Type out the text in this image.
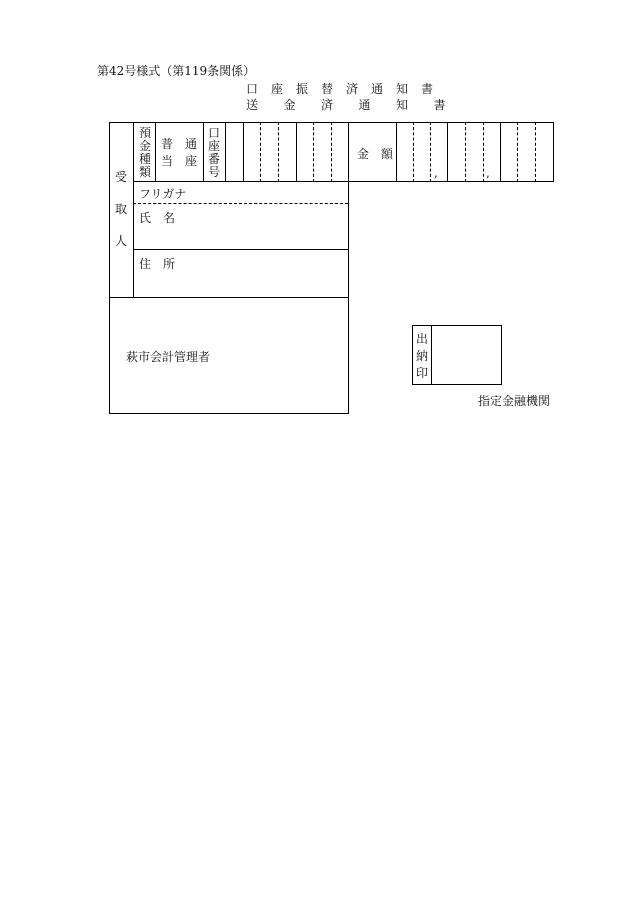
第42号様式（第119条関係）
口　座　振　替　済　通　知　書
送　　金　　済　　通　　知　　書
受
取
人
預
金
種
類
普　通
当　座
口
座
番
号
金　額
,	,
フリガナ
氏　名
住　所
萩市会計管理者
出
納
印
指定金融機関
